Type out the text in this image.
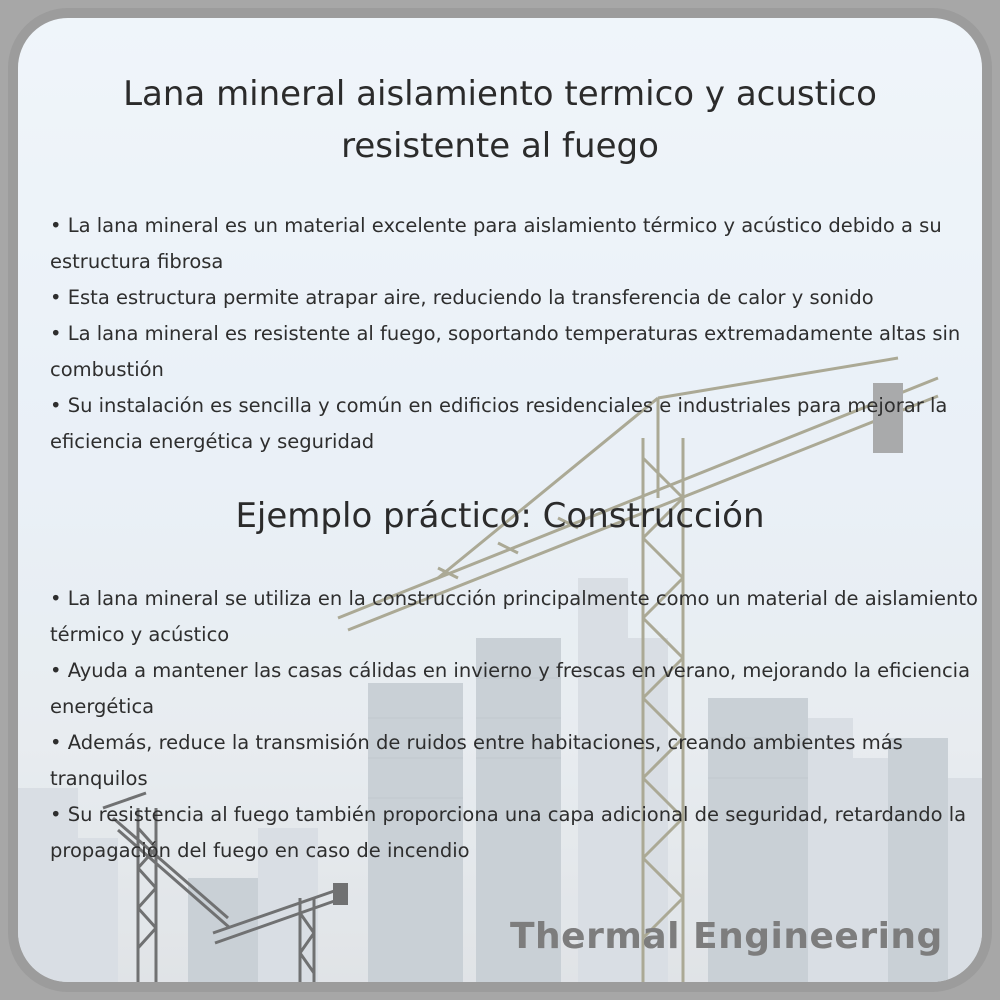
Lana mineral aislamiento termico y acustico
resistente al fuego
• La lana mineral es un material excelente para aislamiento térmico y acústico debido a su estructura fibrosa
• Esta estructura permite atrapar aire, reduciendo la transferencia de calor y sonido
• La lana mineral es resistente al fuego, soportando temperaturas extremadamente altas sin combustión
• Su instalación es sencilla y común en edificios residenciales e industriales para mejorar la eficiencia energética y seguridad
Ejemplo práctico: Construcción
• La lana mineral se utiliza en la construcción principalmente como un material de aislamiento térmico y acústico
• Ayuda a mantener las casas cálidas en invierno y frescas en verano, mejorando la eficiencia energética
• Además, reduce la transmisión de ruidos entre habitaciones, creando ambientes más tranquilos
• Su resistencia al fuego también proporciona una capa adicional de seguridad, retardando la propagación del fuego en caso de incendio
Thermal Engineering
